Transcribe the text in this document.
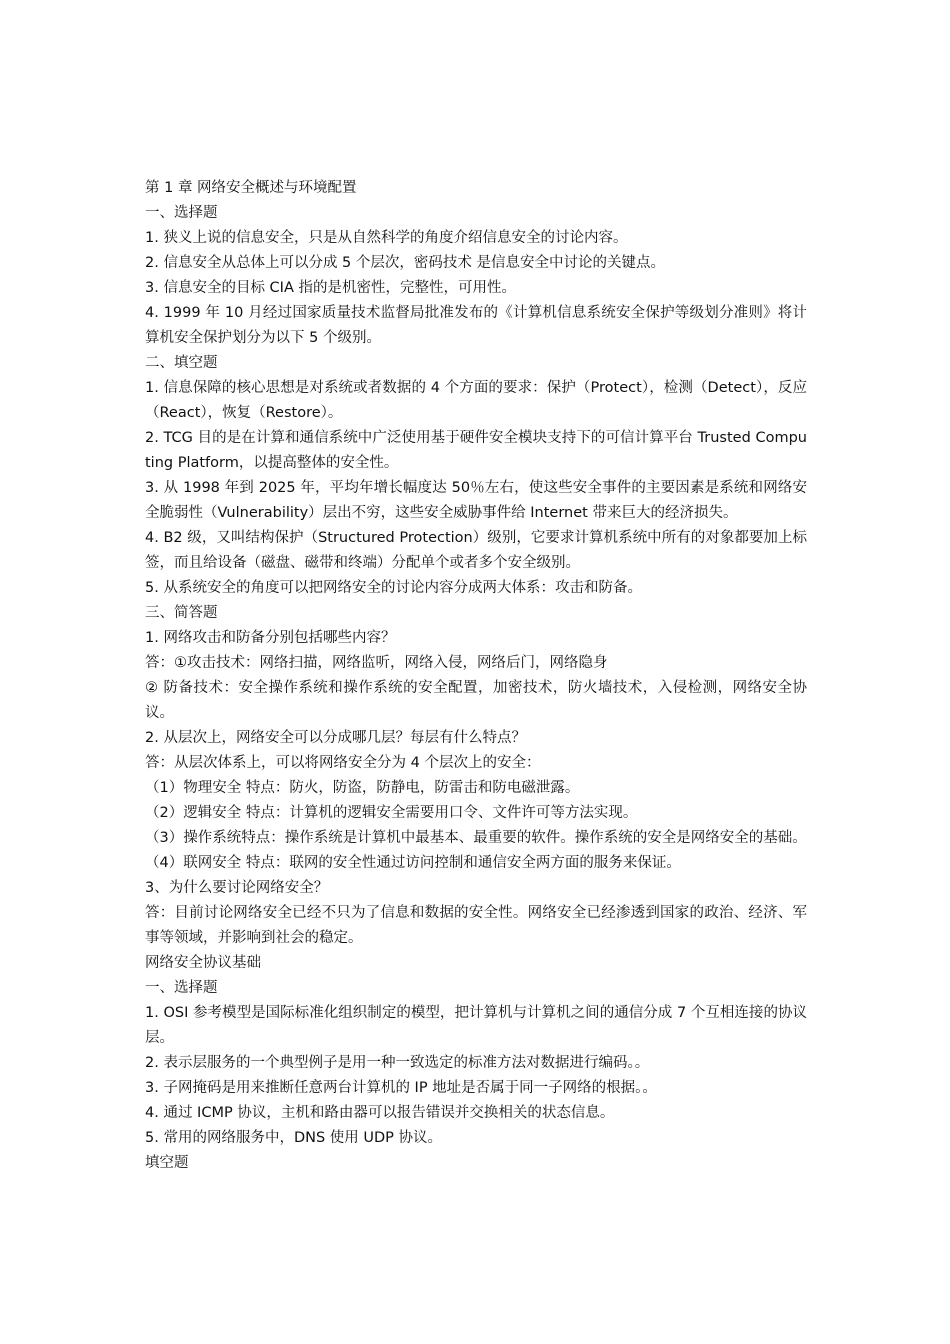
第 1 章 网络安全概述与环境配置

一、选择题

1. 狭义上说的信息安全，只是从自然科学的角度介绍信息安全的讨论内容。

2. 信息安全从总体上可以分成 5 个层次，密码技术 是信息安全中讨论的关键点。

3. 信息安全的目标 CIA 指的是机密性，完整性，可用性。

4. 1999 年 10 月经过国家质量技术监督局批准发布的《计算机信息系统安全保护等级划分准则》将计算机安全保护划分为以下 5 个级别。

二、填空题

1. 信息保障的核心思想是对系统或者数据的 4 个方面的要求：保护（Protect），检测（Detect），反应（React），恢复（Restore）。

2. TCG 目的是在计算和通信系统中广泛使用基于硬件安全模块支持下的可信计算平台 Trusted Computing Platform，以提高整体的安全性。

3. 从 1998 年到 2025 年，平均年增长幅度达 50％左右，使这些安全事件的主要因素是系统和网络安全脆弱性（Vulnerability）层出不穷，这些安全威胁事件给 Internet 带来巨大的经济损失。

4. B2 级，又叫结构保护（Structured Protection）级别，它要求计算机系统中所有的对象都要加上标签，而且给设备（磁盘、磁带和终端）分配单个或者多个安全级别。

5. 从系统安全的角度可以把网络安全的讨论内容分成两大体系：攻击和防备。

三、简答题

1. 网络攻击和防备分别包括哪些内容？

答：①攻击技术：网络扫描，网络监听，网络入侵，网络后门，网络隐身

② 防备技术：安全操作系统和操作系统的安全配置，加密技术，防火墙技术，入侵检测，网络安全协议。

2. 从层次上，网络安全可以分成哪几层？每层有什么特点？

答：从层次体系上，可以将网络安全分为 4 个层次上的安全：

（1）物理安全 特点：防火，防盗，防静电，防雷击和防电磁泄露。

（2）逻辑安全 特点：计算机的逻辑安全需要用口令、文件许可等方法实现。

（3）操作系统特点：操作系统是计算机中最基本、最重要的软件。操作系统的安全是网络安全的基础。

（4）联网安全 特点：联网的安全性通过访问控制和通信安全两方面的服务来保证。

3、为什么要讨论网络安全？

答：目前讨论网络安全已经不只为了信息和数据的安全性。网络安全已经渗透到国家的政治、经济、军事等领域，并影响到社会的稳定。

网络安全协议基础

一、选择题

1. OSI 参考模型是国际标准化组织制定的模型，把计算机与计算机之间的通信分成 7 个互相连接的协议层。

2. 表示层服务的一个典型例子是用一种一致选定的标准方法对数据进行编码。。

3. 子网掩码是用来推断任意两台计算机的 IP 地址是否属于同一子网络的根据。。

4. 通过 ICMP 协议，主机和路由器可以报告错误并交换相关的状态信息。

5. 常用的网络服务中，DNS 使用 UDP 协议。

填空题
